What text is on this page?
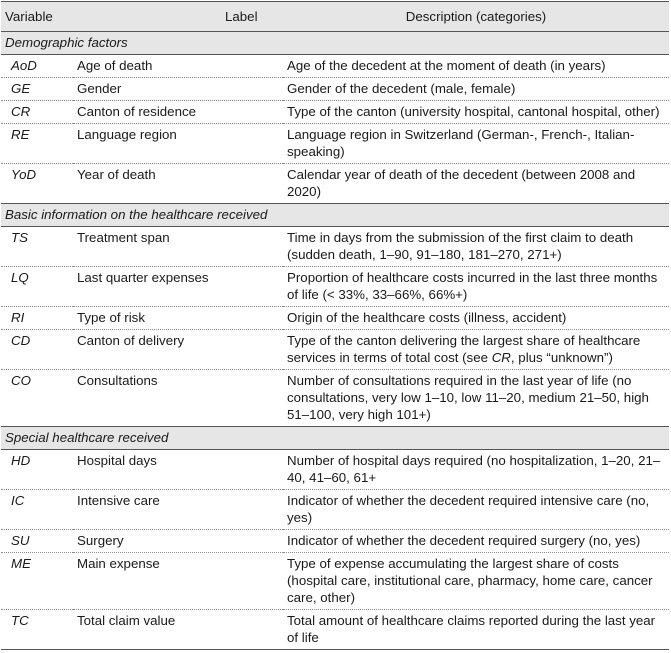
Variable	Label	Description (categories)
Demographic factors		
AoD	Age of death	Age of the decedent at the moment of death (in years)
GE	Gender	Gender of the decedent (male, female)
CR	Canton of residence	Type of the canton (university hospital, cantonal hospital, other)
RE	Language region	Language region in Switzerland (German-, French-, Italian-speaking)
YoD	Year of death	Calendar year of death of the decedent (between 2008 and 2020)
Basic information on the healthcare received		
TS	Treatment span	Time in days from the submission of the first claim to death (sudden death, 1–90, 91–180, 181–270, 271+)
LQ	Last quarter expenses	Proportion of healthcare costs incurred in the last three months of life (< 33%, 33–66%, 66%+)
RI	Type of risk	Origin of the healthcare costs (illness, accident)
CD	Canton of delivery	Type of the canton delivering the largest share of healthcare services in terms of total cost (see CR, plus “unknown”)
CO	Consultations	Number of consultations required in the last year of life (no consultations, very low 1–10, low 11–20, medium 21–50, high 51–100, very high 101+)
Special healthcare received		
HD	Hospital days	Number of hospital days required (no hospitalization, 1–20, 21–40, 41–60, 61+
IC	Intensive care	Indicator of whether the decedent required intensive care (no, yes)
SU	Surgery	Indicator of whether the decedent required surgery (no, yes)
ME	Main expense	Type of expense accumulating the largest share of costs (hospital care, institutional care, pharmacy, home care, cancer care, other)
TC	Total claim value	Total amount of healthcare claims reported during the last year of life
